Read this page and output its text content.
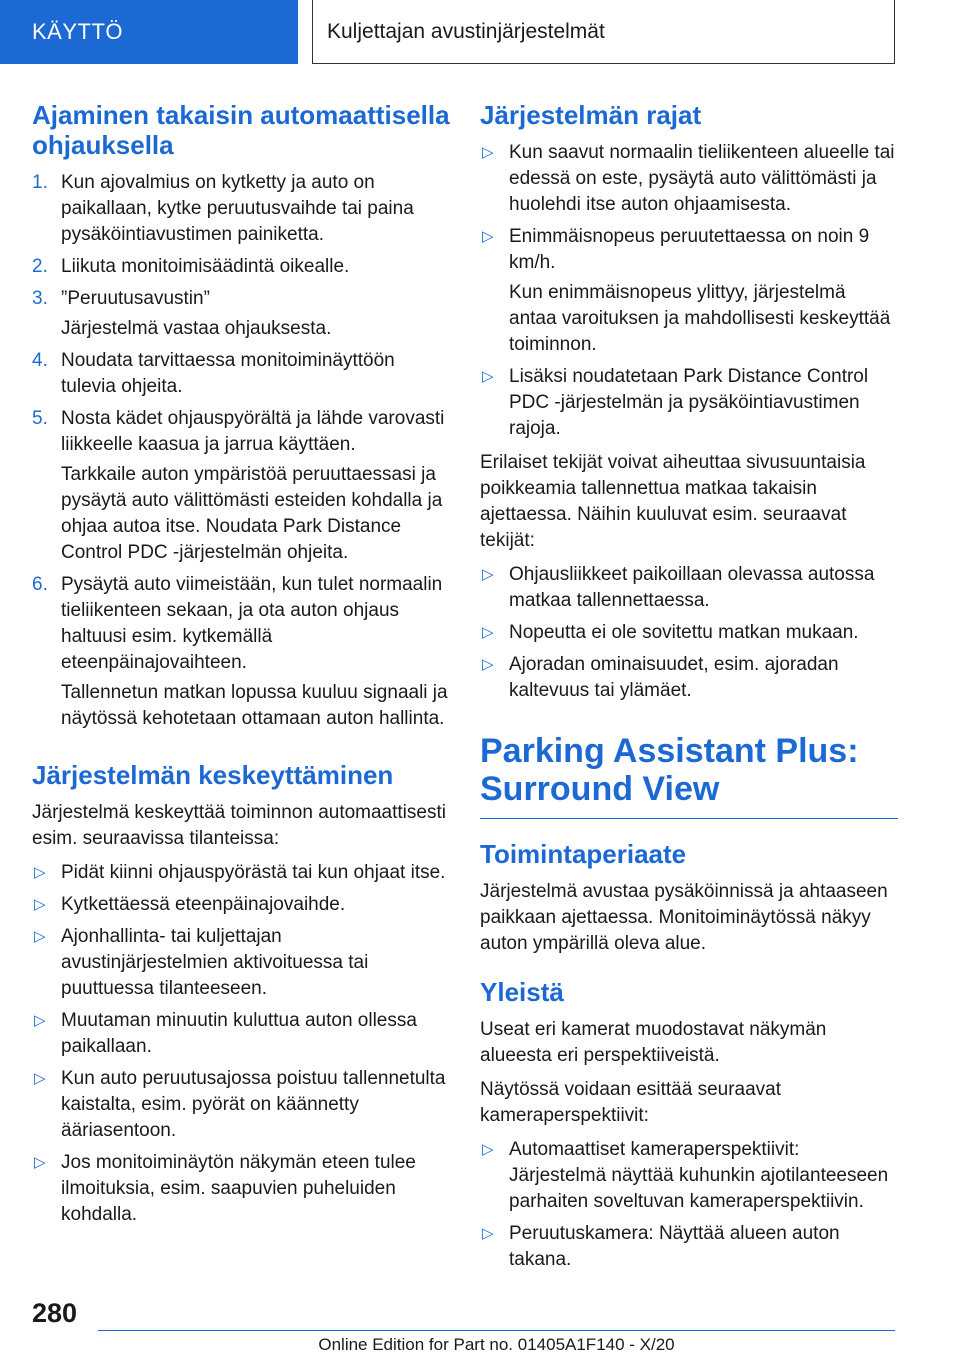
KÄYTTÖ	Kuljettajan avustinjärjestelmät
Ajaminen takaisin automaattisella ohjauksella
1. Kun ajovalmius on kytketty ja auto on paikallaan, kytke peruutusvaihde tai paina pysäköintiavustimen painiketta.
2. Liikuta monitoimisäädintä oikealle.
3. ”Peruutusavustin”
Järjestelmä vastaa ohjauksesta.
4. Noudata tarvittaessa monitoiminäyttöön tulevia ohjeita.
5. Nosta kädet ohjauspyörältä ja lähde varovasti liikkeelle kaasua ja jarrua käyttäen.
Tarkkaile auton ympäristöä peruuttaessasi ja pysäytä auto välittömästi esteiden kohdalla ja ohjaa autoa itse. Noudata Park Distance Control PDC -järjestelmän ohjeita.
6. Pysäytä auto viimeistään, kun tulet normaalin tieliikenteen sekaan, ja ota auton ohjaus haltuusi esim. kytkemällä eteenpäinajovaihteen.
Tallennetun matkan lopussa kuuluu signaali ja näytössä kehotetaan ottamaan auton hallinta.
Järjestelmän keskeyttäminen

Järjestelmä keskeyttää toiminnon automaattisesti esim. seuraavissa tilanteissa:

▷ Pidät kiinni ohjauspyörästä tai kun ohjaat itse.
▷ Kytkettäessä eteenpäinajovaihde.
▷ Ajonhallinta- tai kuljettajan avustinjärjestelmien aktivoituessa tai puuttuessa tilanteeseen.
▷ Muutaman minuutin kuluttua auton ollessa paikallaan.
▷ Kun auto peruutusajossa poistuu tallennetulta kaistalta, esim. pyörät on käännetty ääriasentoon.
▷ Jos monitoiminäytön näkymän eteen tulee ilmoituksia, esim. saapuvien puheluiden kohdalla.
Järjestelmän rajat
▷ Kun saavut normaalin tieliikenteen alueelle tai edessä on este, pysäytä auto välittömästi ja huolehdi itse auton ohjaamisesta.
▷ Enimmäisnopeus peruutettaessa on noin 9 km/h.
Kun enimmäisnopeus ylittyy, järjestelmä antaa varoituksen ja mahdollisesti keskeyttää toiminnon.
▷ Lisäksi noudatetaan Park Distance Control PDC -järjestelmän ja pysäköintiavustimen rajoja.

Erilaiset tekijät voivat aiheuttaa sivusuuntaisia poikkeamia tallennettua matkaa takaisin ajettaessa. Näihin kuuluvat esim. seuraavat tekijät:

▷ Ohjausliikkeet paikoillaan olevassa autossa matkaa tallennettaessa.
▷ Nopeutta ei ole sovitettu matkan mukaan.
▷ Ajoradan ominaisuudet, esim. ajoradan kaltevuus tai ylämäet.
Parking Assistant Plus: Surround View
Toimintaperiaate

Järjestelmä avustaa pysäköinnissä ja ahtaaseen paikkaan ajettaessa. Monitoiminäytössä näkyy auton ympärillä oleva alue.

Yleistä

Useat eri kamerat muodostavat näkymän alueesta eri perspektiiveistä.

Näytössä voidaan esittää seuraavat kameraperspektiivit:

▷ Automaattiset kameraperspektiivit: Järjestelmä näyttää kuhunkin ajotilanteeseen parhaiten soveltuvan kameraperspektiivin.
▷ Peruutuskamera: Näyttää alueen auton takana.
280
Online Edition for Part no. 01405A1F140 - X/20
